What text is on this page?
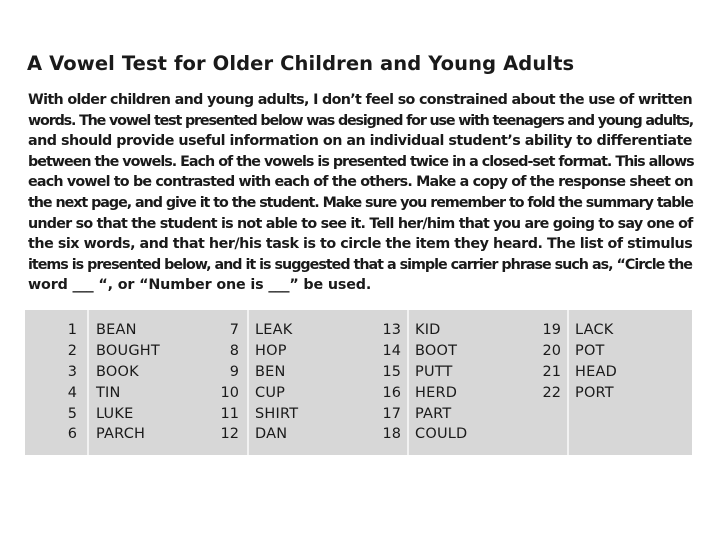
A Vowel Test for Older Children and Young Adults
With older children and young adults, I don’t feel so constrained about the use of written
words. The vowel test presented below was designed for use with teenagers and young adults,
and should provide useful information on an individual student’s ability to differentiate
between the vowels. Each of the vowels is presented twice in a closed-set format. This allows
each vowel to be contrasted with each of the others. Make a copy of the response sheet on
the next page, and give it to the student. Make sure you remember to fold the summary table
under so that the student is not able to see it. Tell her/him that you are going to say one of
the six words, and that her/his task is to circle the item they heard. The list of stimulus
items is presented below, and it is suggested that a simple carrier phrase such as, “Circle the
word ___ “, or “Number one is ___” be used.
1
2
3
4
5
6
BEAN
BOUGHT
BOOK
TIN
LUKE
PARCH
7
8
9
10
11
12
LEAK
HOP
BEN
CUP
SHIRT
DAN
13
14
15
16
17
18
KID
BOOT
PUTT
HERD
PART
COULD
19
20
21
22
LACK
POT
HEAD
PORT
